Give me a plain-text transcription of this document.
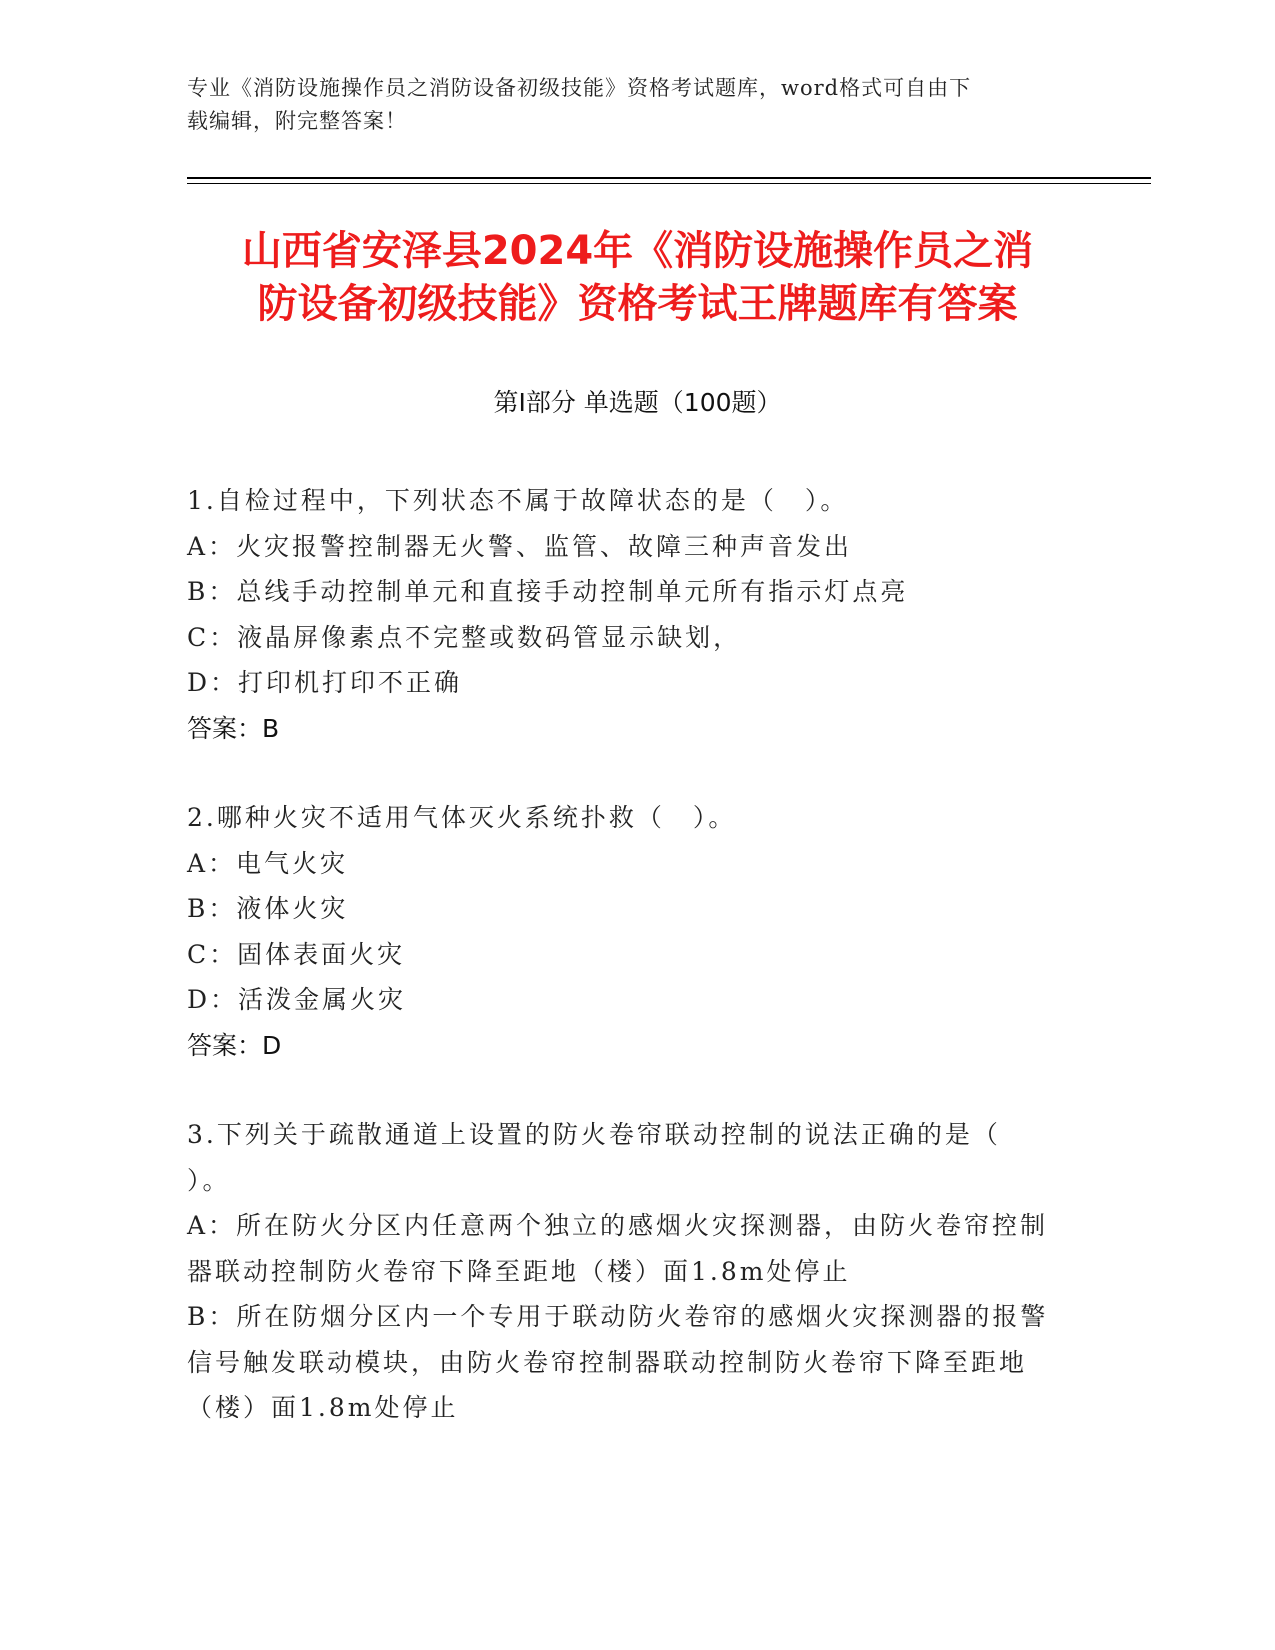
专业《消防设施操作员之消防设备初级技能》资格考试题库，word格式可自由下
载编辑，附完整答案！
山西省安泽县2024年《消防设施操作员之消
防设备初级技能》资格考试王牌题库有答案
第Ⅰ部分 单选题（100题）
1.自检过程中，下列状态不属于故障状态的是（　）。
A：火灾报警控制器无火警、监管、故障三种声音发出
B：总线手动控制单元和直接手动控制单元所有指示灯点亮
C：液晶屏像素点不完整或数码管显示缺划，
D：打印机打印不正确
答案：B
2.哪种火灾不适用气体灭火系统扑救（　）。
A：电气火灾
B：液体火灾
C：固体表面火灾
D：活泼金属火灾
答案：D
3.下列关于疏散通道上设置的防火卷帘联动控制的说法正确的是（
）。
A：所在防火分区内任意两个独立的感烟火灾探测器，由防火卷帘控制
器联动控制防火卷帘下降至距地（楼）面1.8m处停止
B：所在防烟分区内一个专用于联动防火卷帘的感烟火灾探测器的报警
信号触发联动模块，由防火卷帘控制器联动控制防火卷帘下降至距地
（楼）面1.8m处停止
